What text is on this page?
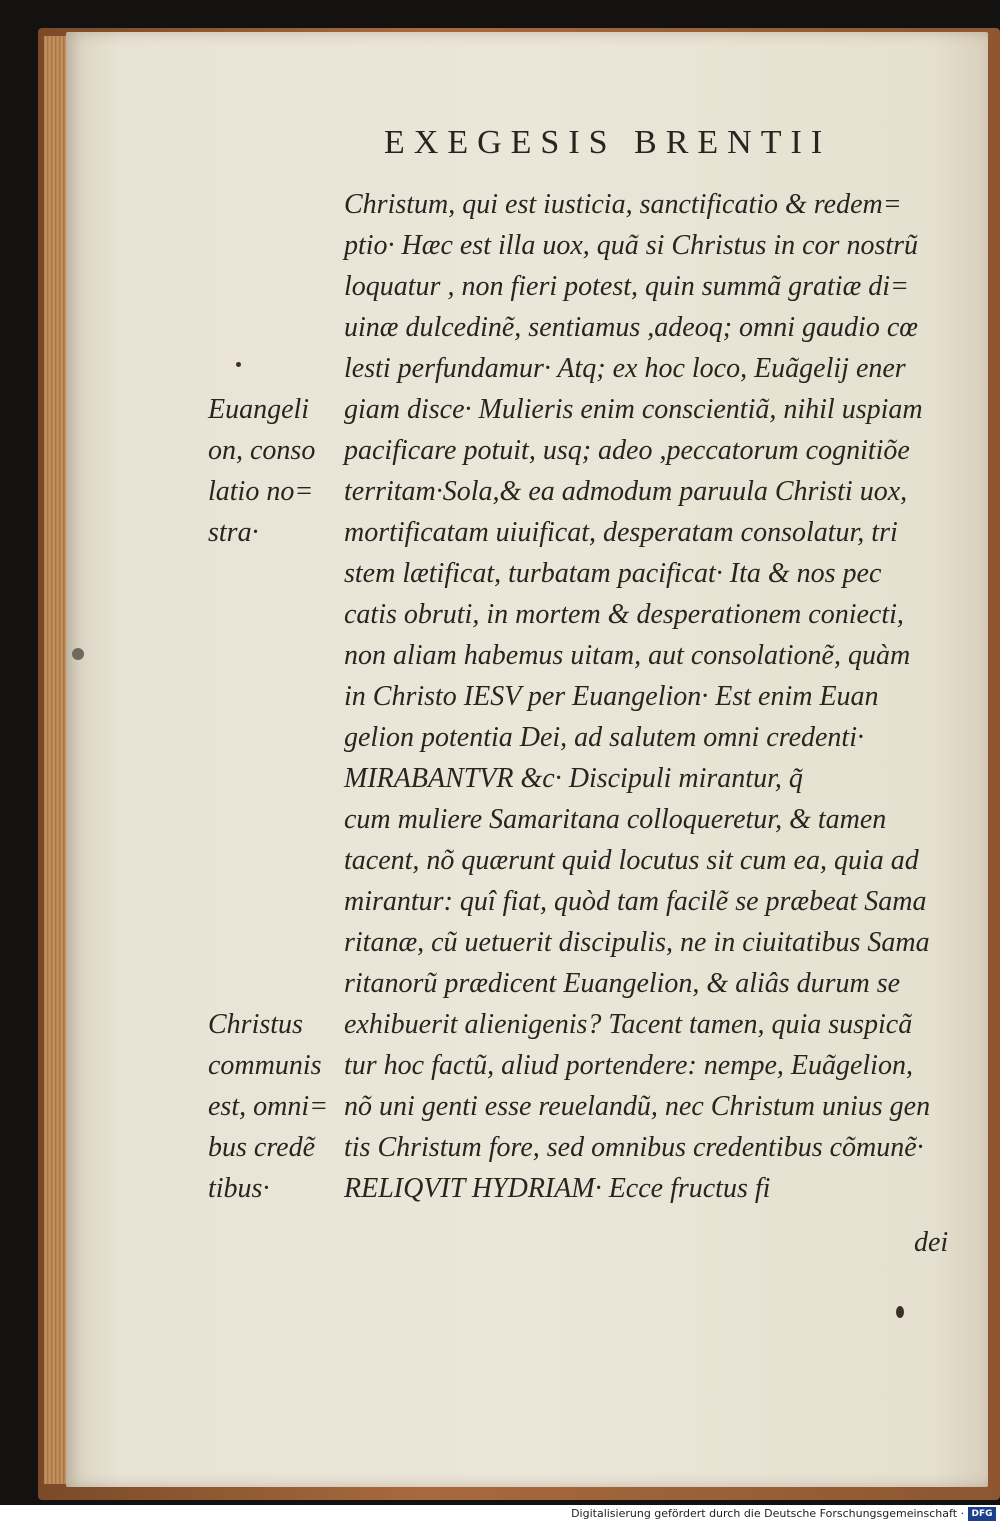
EXEGESIS BRENTII
Christum, qui est iusticia, sanctificatio & redem=
ptio· Hæc est illa uox, quã si Christus in cor nostrũ
loquatur , non fieri potest, quin summã gratiæ di=
uinæ dulcedinẽ, sentiamus ,adeoq; omni gaudio cœ
lesti perfundamur· Atq; ex hoc loco, Euãgelij ener
giam disce· Mulieris enim conscientiã, nihil uspiam
pacificare potuit, usq; adeo ,peccatorum cognitiõe
territam·Sola,& ea admodum paruula Christi uox,
mortificatam uiuificat, desperatam consolatur, tri
stem lætificat, turbatam pacificat· Ita & nos pec
catis obruti, in mortem & desperationem coniecti,
non aliam habemus uitam, aut consolationẽ, quàm
in Christo IESV per Euangelion· Est enim Euan
gelion potentia Dei, ad salutem omni credenti·
MIRABANTVR &c· Discipuli mirantur, q̃
cum muliere Samaritana colloqueretur, & tamen
tacent, nõ quærunt quid locutus sit cum ea, quia ad
mirantur: quî fiat, quòd tam facilẽ se præbeat Sama
ritanæ, cũ uetuerit discipulis, ne in ciuitatibus Sama
ritanorũ prædicent Euangelion, & aliâs durum se
exhibuerit alienigenis? Tacent tamen, quia suspicã
tur hoc factũ, aliud portendere: nempe, Euãgelion,
nõ uni genti esse reuelandũ, nec Christum unius gen
tis Christum fore, sed omnibus credentibus cõmunẽ·
RELIQVIT HYDRIAM· Ecce fructus fi
Euangeli
on, conso
latio no=
stra·
Christus
communis
est, omni=
bus credẽ
tibus·
dei
Digitalisierung gefördert durch die Deutsche Forschungsgemeinschaft · DFG
